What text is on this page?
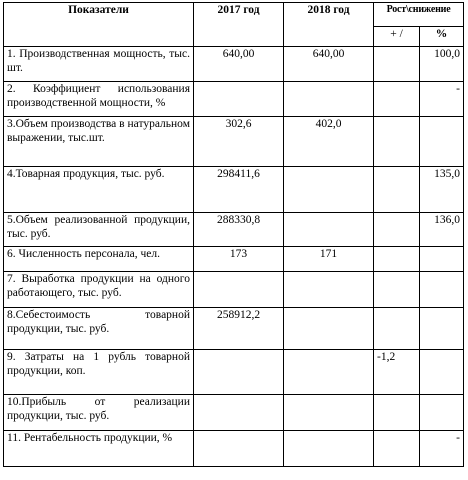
Показатели	2017 год	2018 год	Рост\снижение	
			+ /	%
1. Производственная мощность, тыс. шт.	640,00	640,00		100,0
2. Коэффициент использования производственной мощности, %				-
3.Объем производства в натуральном выражении, тыс.шт.	302,6	402,0		
4.Товарная продукция, тыс. руб.	298411,6			135,0
5.Объем реализованной продукции, тыс. руб.	288330,8			136,0
6. Численность персонала, чел.	173	171		
7. Выработка продукции на одного работающего, тыс. руб.				
8.Себестоимость товарной продукции, тыс. руб.	258912,2			
9. Затраты на 1 рубль товарной продукции, коп.			-1,2	
10.Прибыль от реализации продукции, тыс. руб.				
11. Рентабельность продукции, %				-
